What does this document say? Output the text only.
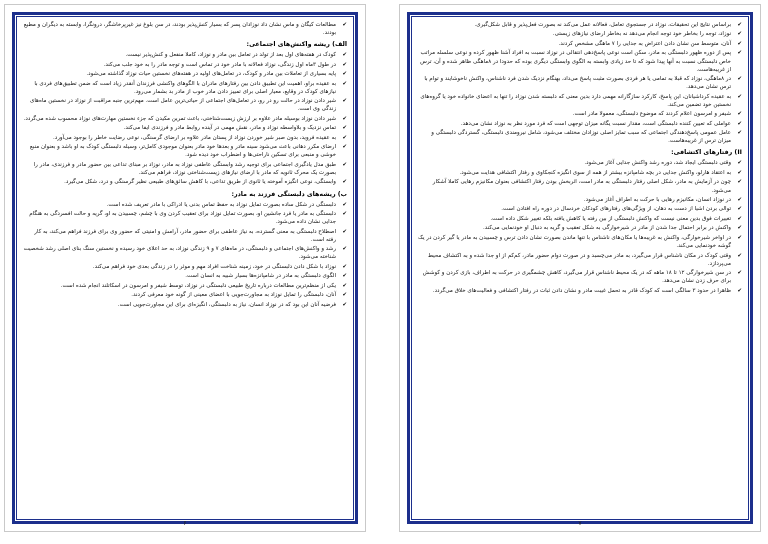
✔ براساس نتایج این تحقیقات، نوزاد در جستجوی تعامل، فعالانه عمل می‌کند نه بصورت فعل‌پذیر و قابل شکل‌گیری.
✔ نوزاد، توجه را بخاطر خود توجه انجام می‌دهد نه بخاطر ارضای نیازهای زیستی.
✔ آنان، متوسط سن نشان دادن اعتراض به جدایی را ۷ ماهگی مشخص کردند.
✔ پس از دوره ظهور دلبستگی به مادر، سکن است نوعی پاسخ‌دهی انتقالی در نوزاد نسبت به افراد آشنا ظهور کرده و نوعی سلسله مراتب خاص دلبستگی نسبت به آنها پیدا شود که تا حد زیادی وابسته به الگوی وابستگی دیگری بوده که حدودا در ۸ماهگی ظاهر شده و آن، ترس از غریبه‌هاست.
✔ در ۸ماهگی، نوزاد که قبلا به تمامی یا هر فردی بصورت مثبت پاسخ می‌داد، بهنگام نزدیک شدن فرد ناشناس، واکنش ناخوشایند و توام با ترس نشان می‌دهد.
✔ به عقیده کرداشیانان، این پاسخ، کارکرد سازگارانه مهمی دارد بدین معنی که دلبسته شدن نوزاد را تنها به اعضای خانواده خود یا گروه‌های نخستین خود تضمین می‌کند.
✔ شیفر و امرسون اعلام کردند که موضوع دلبستگی، معمولا مادر است.
✔ عواملی که تعیین کننده دلبستگی است، مقدار نسبت یگانه میزان توجهی است که فرد مورد نظر به نوزاد نشان می‌دهد.
✔ عامل عمومی پاسخ‌دهندگی اجتماعی که سبب تمایز اصلی نوزادان مختلف می‌شود، شامل نیرومندی دلبستگی، گستردگی دلبستگی و میزان ترس از غریبه‌هاست.
II) رفتارهای اکتشافی:
✔ وقتی دلبستگی ایجاد شد، دوره رشد واکنش جدایی آغاز می‌شود.
✔ به اعتقاد هارلو، واکنش جدایی در بچه شامپانزه بیشتر از همه از سوی انگیزه کنجکاوی و رفتار اکتشافی هدایت می‌شود.
✔ چون در آزمایش به مادر، شکل اصلی رفتار دلبستگی به مادر است، اثربخش بودن رفتار اکتشافی بعنوان مکانیزم رهایی کاملا آشکار می‌شود.
✔ در نوزاد انسان، مکانیزم رهایی با حرکت به اطراف آغاز می‌شود.
✔ توالی بردن اشیا از دست به دهان، از ویژگی‌های رفتارهای کودکان خردسال در دوره راه افتادن است.
✔ تغییرات فوق بدین معنی نیست که واکنش دلبستگی از بین رفته یا کاهش یافته بلکه تغییر شکل داده است.
✔ واکنش در برابر احتمال جدا شدن از مادر در شیرخوارگی به شکل تعقیب و گریه به دنبال او خودنمایی می‌کند.
✔ در اواخر شیرخوارگی، واکنش به غریبه‌ها یا مکان‌های ناشناس با تنها ماندن بصورت نشان دادن ترس و چسبیدن به مادر یا گیر کردن در یک گوشه خودنمایی می‌کند.
✔ وقتی کودک در مکان ناشناس قرار می‌گیرد، به مادر می‌چسبد و در صورت دوام حضور مادر، کم‌کم از او جدا شده و به اکتشاف محیط می‌پردازد.
✔ در سن شیرخوارگی ۱۲ تا ۱۸ ماهه که در یک محیط ناشناس قرار می‌گیرد، کاهش چشمگیری در حرکت به اطراف، بازی کردن و کوشش برای حرف زدن نشان می‌دهد.
✔ ظاهرا در حدود ۳ سالگی است که کودک قادر به تحمل غیبت مادر و نشان دادن ثبات در رفتار اکتشافی و فعالیت‌های خلاق می‌گردد.
۷
✔ مطالعات کیگان و ماس نشان داد نوزادان پسر که بسیار کنش‌پذیر بودند، در سن بلوغ نیز غیرپرخاشگر، درونگرا، وابسته به دیگران و مطیع بودند.
الف) ریشه واکنش‌های اجتماعی:
✔ کودک در هفته‌های اول بعد از تولد در تعامل بین مادر و نوزاد، کاملا منفعل و کنش‌پذیر نیست.
✔ در طول ۳ماه اول زندگی، نوزاد فعالانه با مادر خود در تماس است و توجه مادر را به خود جلب می‌کند.
✔ پایه بسیاری از تعاملات بین مادر و کودک، در تعامل‌های اولیه در هفته‌های نخستین حیات نوزاد گذاشته می‌شود.
✔ به عقیده براو، اهمیت این تطبیق دادن بین رفتارهای مادران با الگوهای واکنشی فرزندان آنقدر زیاد است که ضمن تطبیق‌های فردی با نیازهای کودک در وقایع، معیار اصلی برای تمییز دادن مادر خوب از مادر بد بشمار می‌رود.
✔ شیر دادن نوزاد در حالت رو در رو، در تعامل‌های اجتماعی از حیاتی‌ترین عامل است. مهم‌ترین جنبه مراقبت از نوزاد در نخستین ماه‌های زندگی وی است.
✔ شیر دادن نوزاد بوسیله مادر علاوه بر ارزش زیست‌شناختی، باعث تمرین مکیدن که جزء نخستین مهارت‌های نوزاد محسوب شده می‌گردد.
✔ تماس نزدیک و بلاواسطه نوزاد و مادر، نقش مهمی در آینده روابط مادر و فرزندی ایفا می‌کند.
✔ به عقیده فروید، بدون صبر شیر خوردن نوزاد از پستان مادر علاوه بر ارضای گرسنگی، نوعی رضایت خاطر را بوجود می‌آورد.
✔ ارضای مکرر دهانی باعث می‌شود سینه مادر و بعدها خود مادر بعنوان موجودی کامل‌تر، وسیله دلبستگی کودک به او باشد و بعنوان منبع خوشی و منبعی برای تسکین ناراحتی‌ها و اضطراب خود دیده شود.
✔ طبق مدل یادگیری اجتماعی برای توجیه رشد وابستگی عاطفی نوزاد به مادر، نوزاد بر مبنای تداعی بین حضور مادر و فرزندی، مادر را بصورت یک محرک ثانویه که مادر با ارضای نیازهای زیست‌شناختی نوزاد، فراهم می‌کند.
✔ وابستگی، نوعی انگیزه آموخته یا ثانوی از طریق تداعی، با کاهش سائق‌های طبیعی نظیر گرسنگی و درد، شکل می‌گیرد.
ب) ریشه‌های دلبستگی فرزند به مادر:
✔ دلبستگی در شکل ساده بصورت تمایل نوزاد به حفظ تماس بدنی یا ادراکی با مادر تعریف شده است.
✔ دلبستگی به مادر یا فرد جانشین او، بصورت تمایل نوزاد برای تعقیب کردن وی با چشم، چسبیدن به او، گریه و حالت افسردگی به هنگام جدایی نشان داده می‌شود.
✔ اصطلاح دلبستگی به معنی گسترده، به نیاز عاطفی برای حضور مادر، آرامش و امنیتی که حضور وی برای فرزند فراهم می‌کند، به کار رفته است.
✔ رشد و واکنش‌های اجتماعی و دلبستگی، در ماه‌های ۷ و ۹ زندگی نوزاد، به حد اعلای خود رسیده و نخستین سنگ بنای اصلی رشد شخصیت شناخته می‌شود.
✔ نوزاد با شکل دادن دلبستگی در خود، زمینه شناخت افراد مهم و موثر را در زندگی بعدی خود فراهم می‌کند.
✔ الگوی دلبستگی به مادر در شامپانزه‌ها بسیار شبیه به انسان است.
✔ یکی از منظم‌ترین مطالعات درباره تاریخ طبیعی دلبستگی در نوزاد، توسط شیفر و امرسون در اسکاتلند انجام شده است.
✔ آنان، دلبستگی را تمایل نوزاد به مجاورت‌جویی با اعضای معینی از گونه خود معرفی کردند.
✔ فرضیه آنان این بود که در نوزاد انسان، نیاز به دلبستگی، انگیزه‌ای برای این مجاورت‌جویی است.
۶
